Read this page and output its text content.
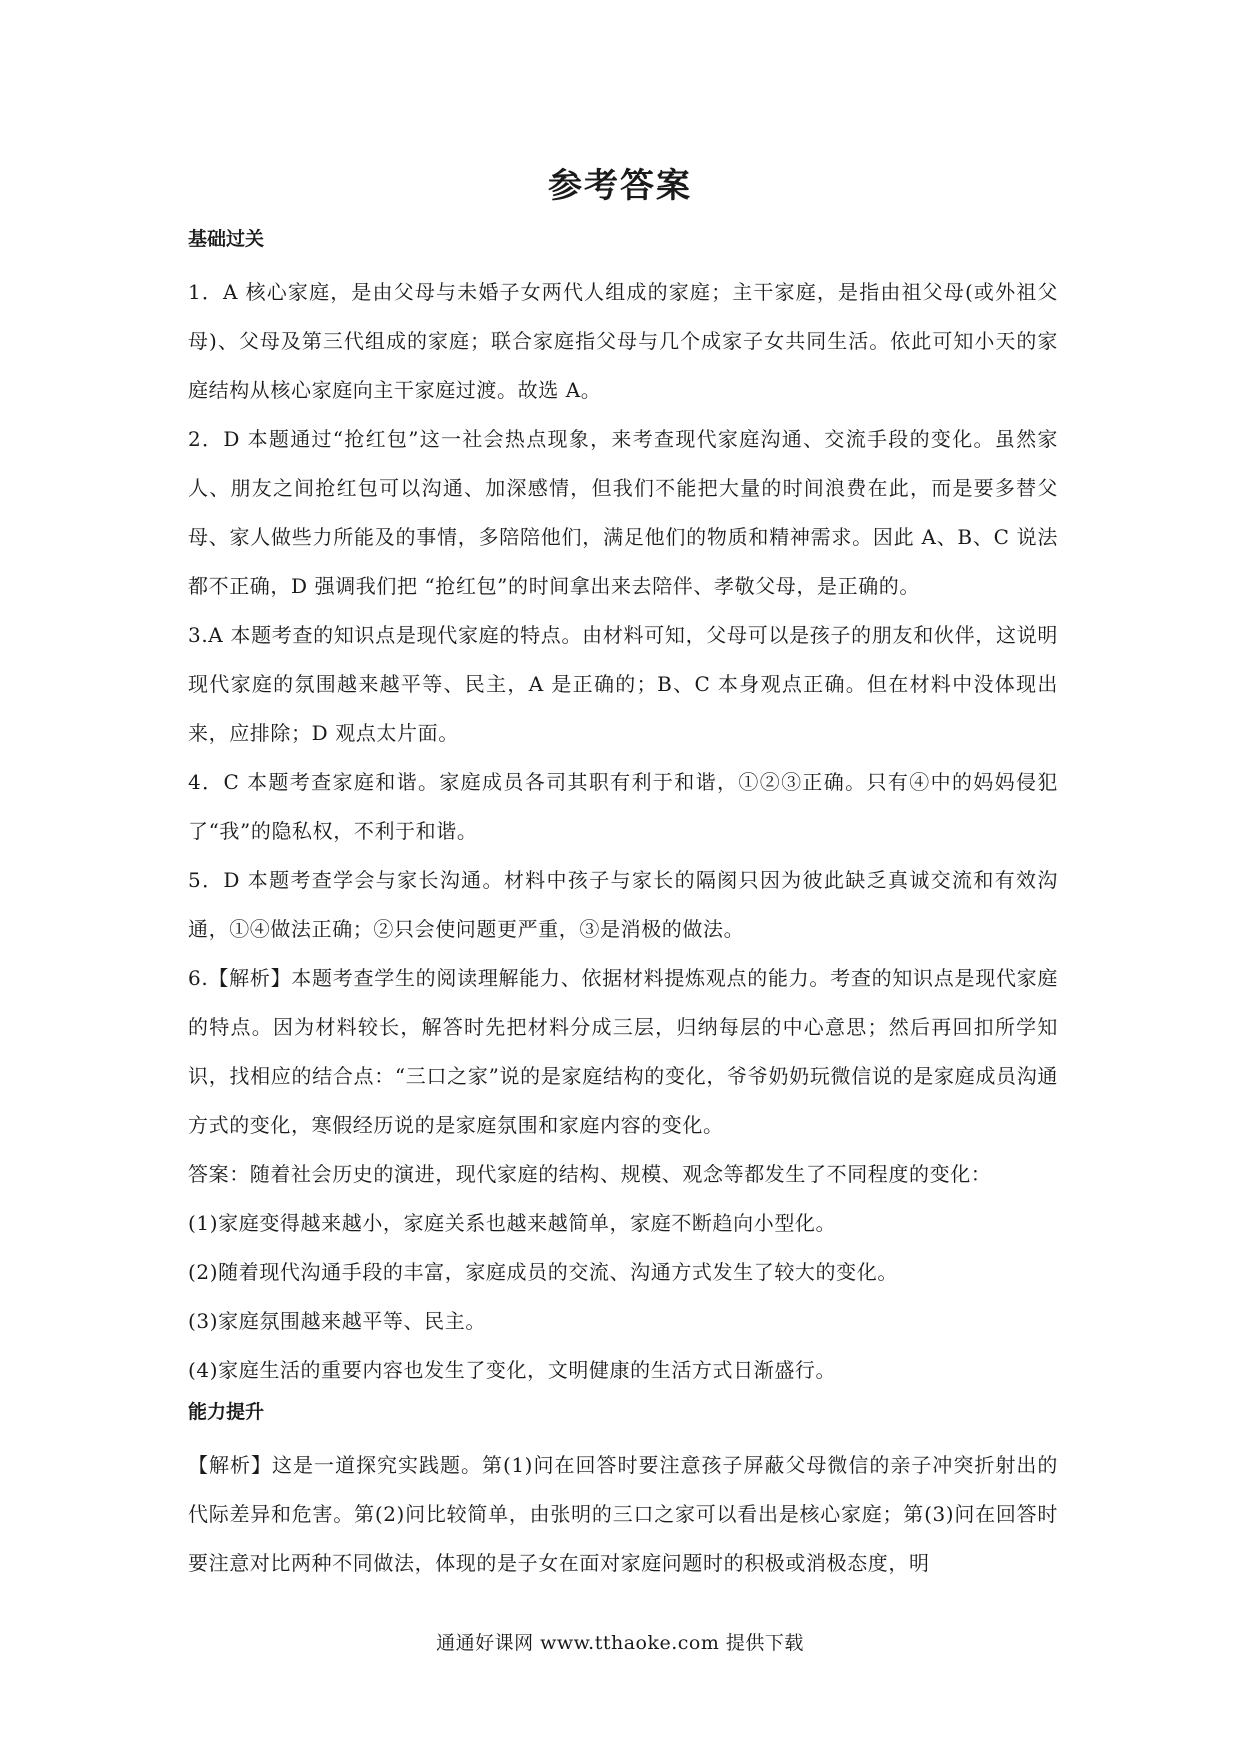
参考答案
基础过关

1．A 核心家庭，是由父母与未婚子女两代人组成的家庭；主干家庭，是指由祖父母(或外祖父母)、父母及第三代组成的家庭；联合家庭指父母与几个成家子女共同生活。依此可知小天的家庭结构从核心家庭向主干家庭过渡。故选 A。

2．D 本题通过“抢红包”这一社会热点现象，来考查现代家庭沟通、交流手段的变化。虽然家人、朋友之间抢红包可以沟通、加深感情，但我们不能把大量的时间浪费在此，而是要多替父母、家人做些力所能及的事情，多陪陪他们，满足他们的物质和精神需求。因此 A、B、C 说法都不正确，D 强调我们把 “抢红包”的时间拿出来去陪伴、孝敬父母，是正确的。

3.A 本题考查的知识点是现代家庭的特点。由材料可知，父母可以是孩子的朋友和伙伴，这说明现代家庭的氛围越来越平等、民主，A 是正确的；B、C 本身观点正确。但在材料中没体现出来，应排除；D 观点太片面。

4．C 本题考查家庭和谐。家庭成员各司其职有利于和谐，①②③正确。只有④中的妈妈侵犯了“我”的隐私权，不利于和谐。

5．D 本题考查学会与家长沟通。材料中孩子与家长的隔阂只因为彼此缺乏真诚交流和有效沟通，①④做法正确；②只会使问题更严重，③是消极的做法。

6.【解析】本题考查学生的阅读理解能力、依据材料提炼观点的能力。考查的知识点是现代家庭的特点。因为材料较长，解答时先把材料分成三层，归纳每层的中心意思；然后再回扣所学知识，找相应的结合点：“三口之家”说的是家庭结构的变化，爷爷奶奶玩微信说的是家庭成员沟通方式的变化，寒假经历说的是家庭氛围和家庭内容的变化。

答案：随着社会历史的演进，现代家庭的结构、规模、观念等都发生了不同程度的变化：

(1)家庭变得越来越小，家庭关系也越来越简单，家庭不断趋向小型化。

(2)随着现代沟通手段的丰富，家庭成员的交流、沟通方式发生了较大的变化。

(3)家庭氛围越来越平等、民主。

(4)家庭生活的重要内容也发生了变化，文明健康的生活方式日渐盛行。

能力提升

【解析】这是一道探究实践题。第(1)问在回答时要注意孩子屏蔽父母微信的亲子冲突折射出的代际差异和危害。第(2)问比较简单，由张明的三口之家可以看出是核心家庭；第(3)问在回答时要注意对比两种不同做法，体现的是子女在面对家庭问题时的积极或消极态度，明

通通好课网 www.tthaoke.com 提供下载
